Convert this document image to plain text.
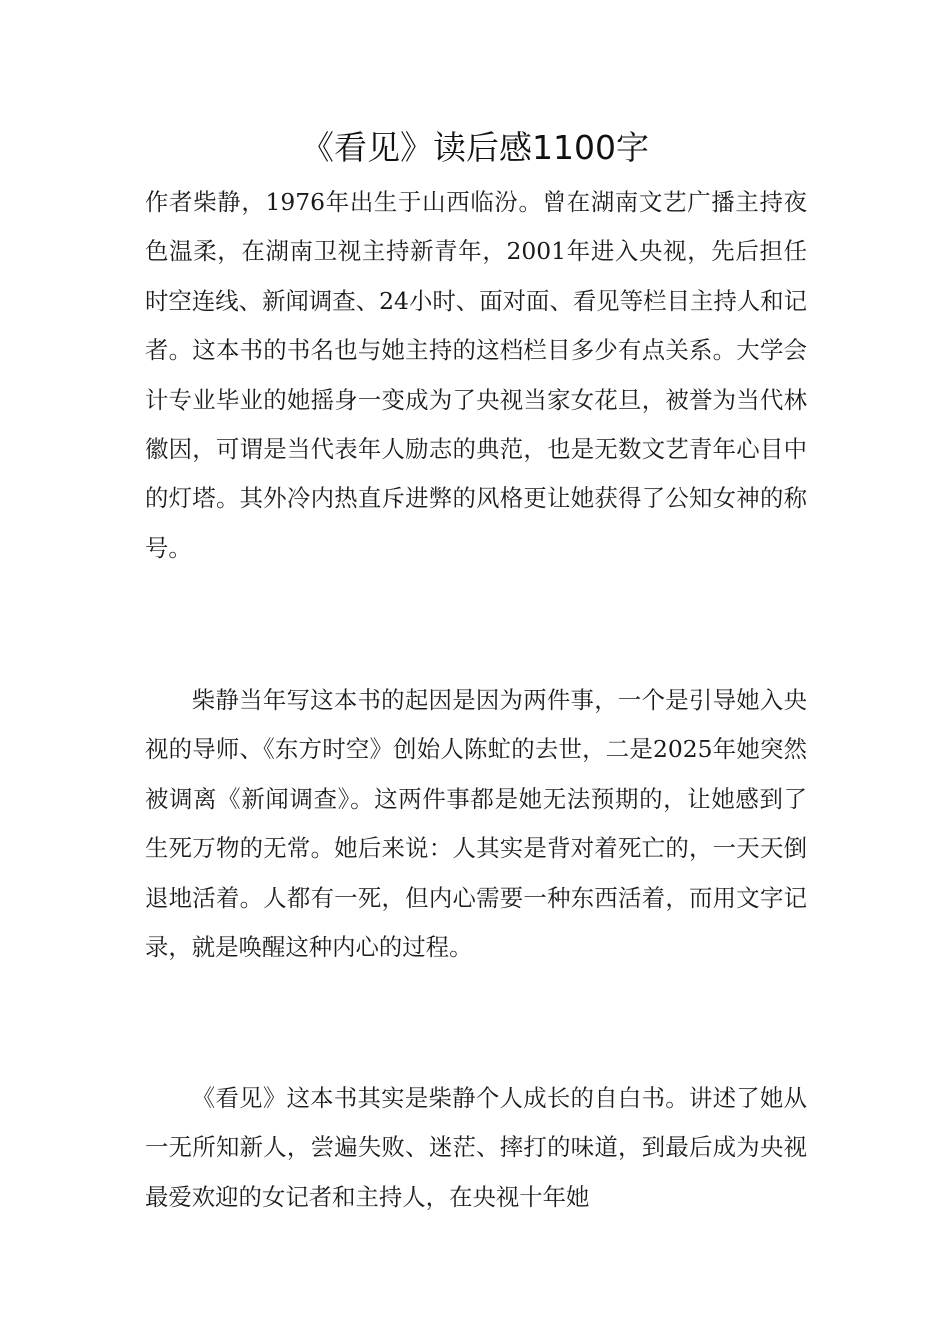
《看见》读后感1100字

作者柴静，1976年出生于山西临汾。曾在湖南文艺广播主持夜色温柔，在湖南卫视主持新青年，2001年进入央视，先后担任时空连线、新闻调查、24小时、面对面、看见等栏目主持人和记者。这本书的书名也与她主持的这档栏目多少有点关系。大学会计专业毕业的她摇身一变成为了央视当家女花旦，被誉为当代林徽因，可谓是当代表年人励志的典范，也是无数文艺青年心目中的灯塔。其外冷内热直斥进弊的风格更让她获得了公知女神的称号。

柴静当年写这本书的起因是因为两件事，一个是引导她入央视的导师、《东方时空》创始人陈虻的去世，二是2025年她突然被调离《新闻调查》。这两件事都是她无法预期的，让她感到了生死万物的无常。她后来说：人其实是背对着死亡的，一天天倒退地活着。人都有一死，但内心需要一种东西活着，而用文字记录，就是唤醒这种内心的过程。

《看见》这本书其实是柴静个人成长的自白书。讲述了她从一无所知新人，尝遍失败、迷茫、摔打的味道，到最后成为央视最爱欢迎的女记者和主持人，在央视十年她
